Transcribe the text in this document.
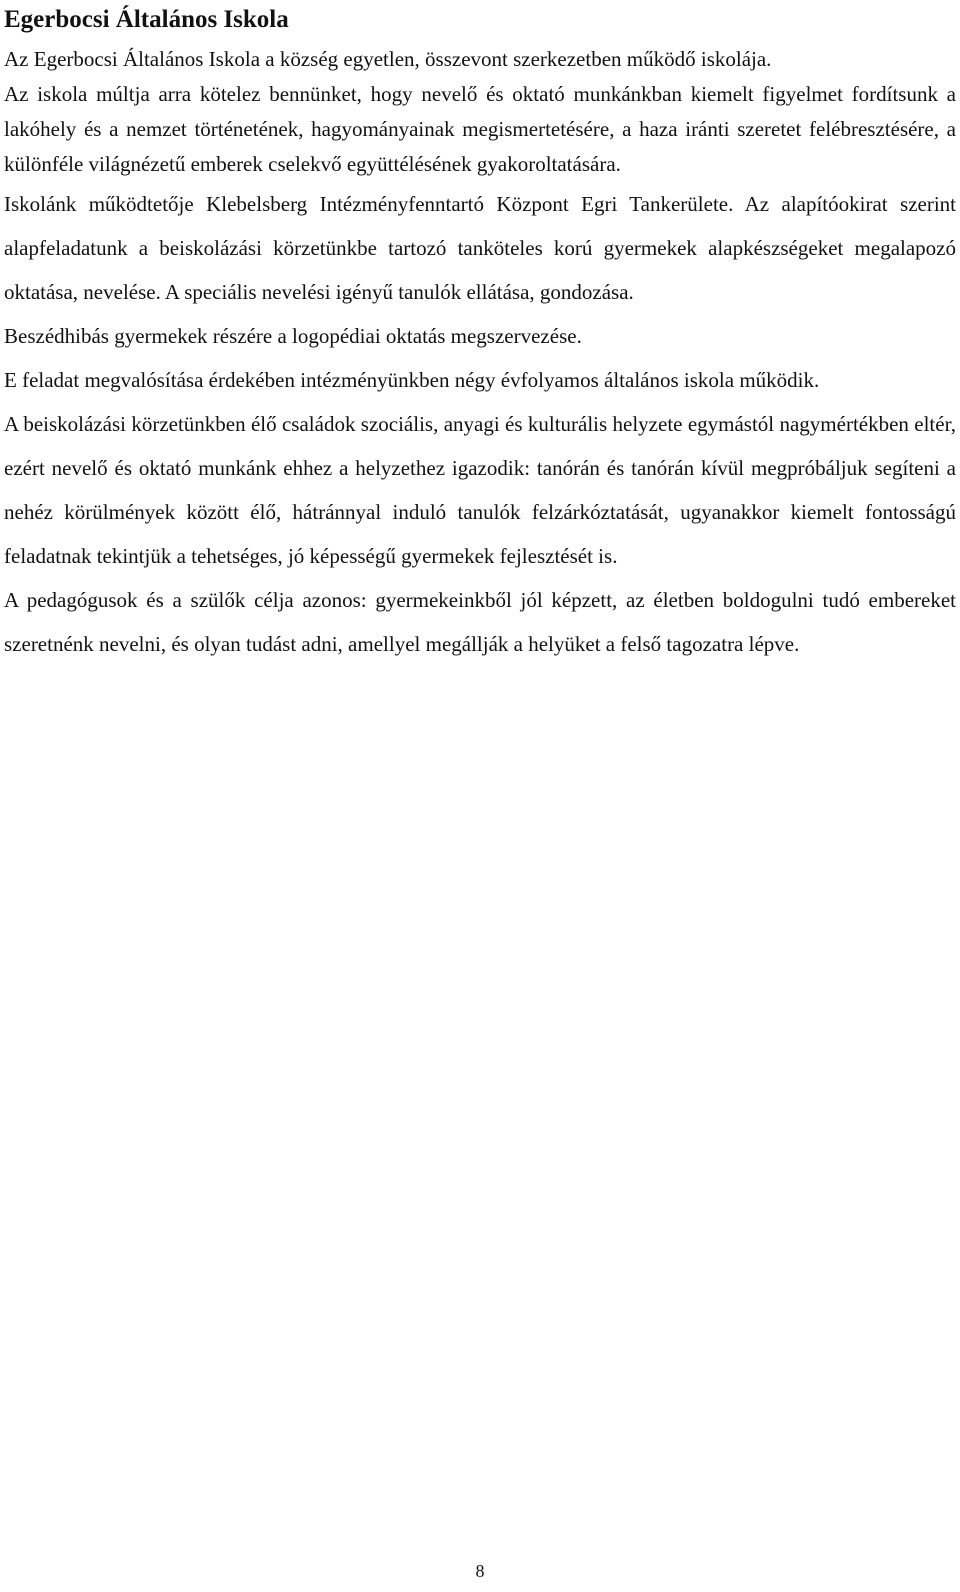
Egerbocsi Általános Iskola

Az Egerbocsi Általános Iskola a község egyetlen, összevont szerkezetben működő iskolája.

Az iskola múltja arra kötelez bennünket, hogy nevelő és oktató munkánkban kiemelt figyelmet fordítsunk a lakóhely és a nemzet történetének, hagyományainak megismertetésére, a haza iránti szeretet felébresztésére, a különféle világnézetű emberek cselekvő együttélésének gyakoroltatására.

Iskolánk működtetője Klebelsberg Intézményfenntartó Központ Egri Tankerülete. Az alapítóokirat szerint alapfeladatunk a beiskolázási körzetünkbe tartozó tanköteles korú gyermekek alapkészségeket megalapozó oktatása, nevelése. A speciális nevelési igényű tanulók ellátása, gondozása.

Beszédhibás gyermekek részére a logopédiai oktatás megszervezése.

E feladat megvalósítása érdekében intézményünkben négy évfolyamos általános iskola működik.

A beiskolázási körzetünkben élő családok szociális, anyagi és kulturális helyzete egymástól nagymértékben eltér, ezért nevelő és oktató munkánk ehhez a helyzethez igazodik: tanórán és tanórán kívül megpróbáljuk segíteni a nehéz körülmények között élő, hátránnyal induló tanulók felzárkóztatását, ugyanakkor kiemelt fontosságú feladatnak tekintjük a tehetséges, jó képességű gyermekek fejlesztését is.

A pedagógusok és a szülők célja azonos: gyermekeinkből jól képzett, az életben boldogulni tudó embereket szeretnénk nevelni, és olyan tudást adni, amellyel megállják a helyüket a felső tagozatra lépve.

8
